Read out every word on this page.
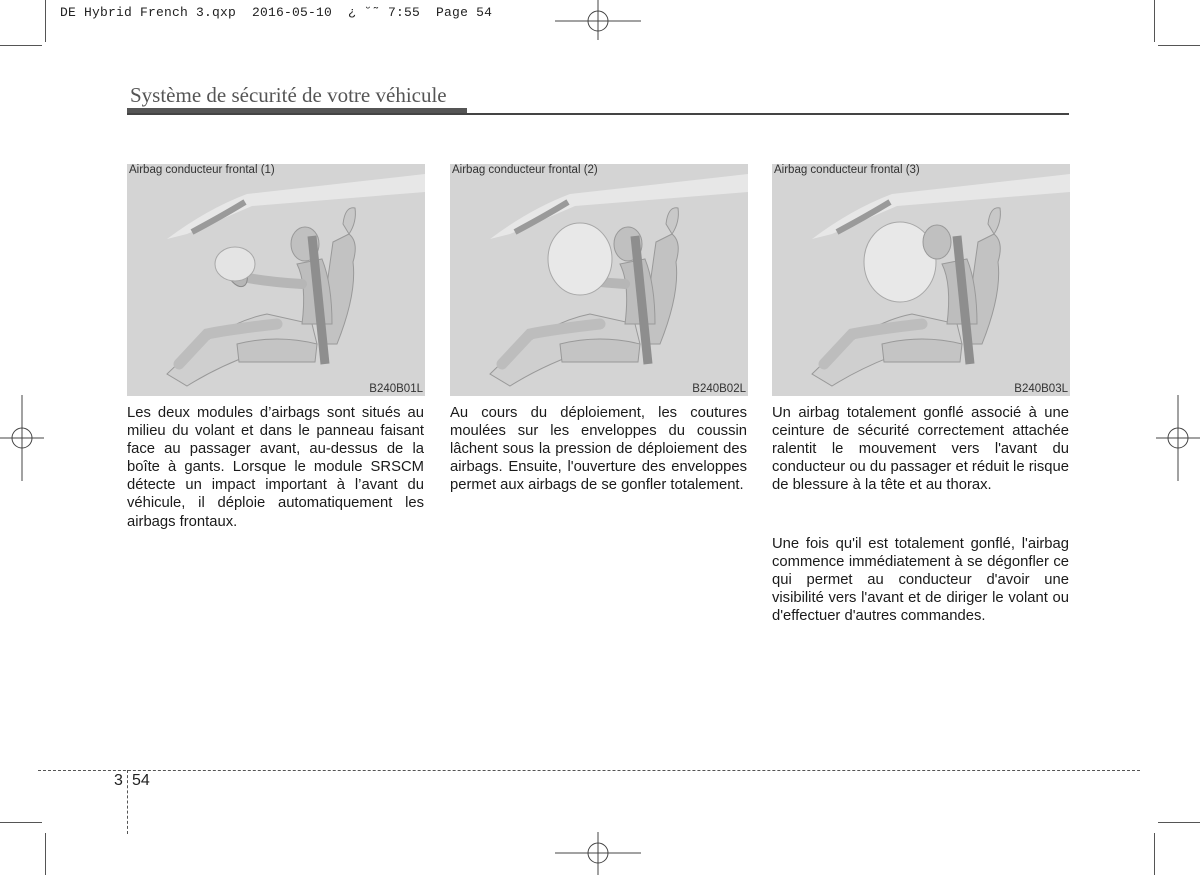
DE Hybrid French 3.qxp  2016-05-10  ¿ ˘˜ 7:55  Page 54
Système de sécurité de votre véhicule
Airbag conducteur frontal (1)
B240B01L
Airbag conducteur frontal (2)
B240B02L
Airbag conducteur frontal (3)
B240B03L

Les deux modules d’airbags sont situés au milieu du volant et dans le panneau faisant face au passager avant, au-dessus de la boîte à gants. Lorsque le module SRSCM détecte un impact important à l’avant du véhicule, il déploie automatiquement les airbags frontaux.

Au cours du déploiement, les coutures moulées sur les enveloppes du coussin lâchent sous la pression de déploiement des airbags. Ensuite, l'ouverture des enveloppes permet aux airbags de se gonfler totalement.

Un airbag totalement gonflé associé à une ceinture de sécurité correctement attachée ralentit le mouvement vers l'avant du conducteur ou du passager et réduit le risque de blessure à la tête et au thorax.

Une fois qu'il est totalement gonflé, l'airbag commence immédiatement à se dégonfler ce qui permet au conducteur d'avoir une visibilité vers l'avant et de diriger le volant ou d'effectuer d'autres commandes.

3 54
